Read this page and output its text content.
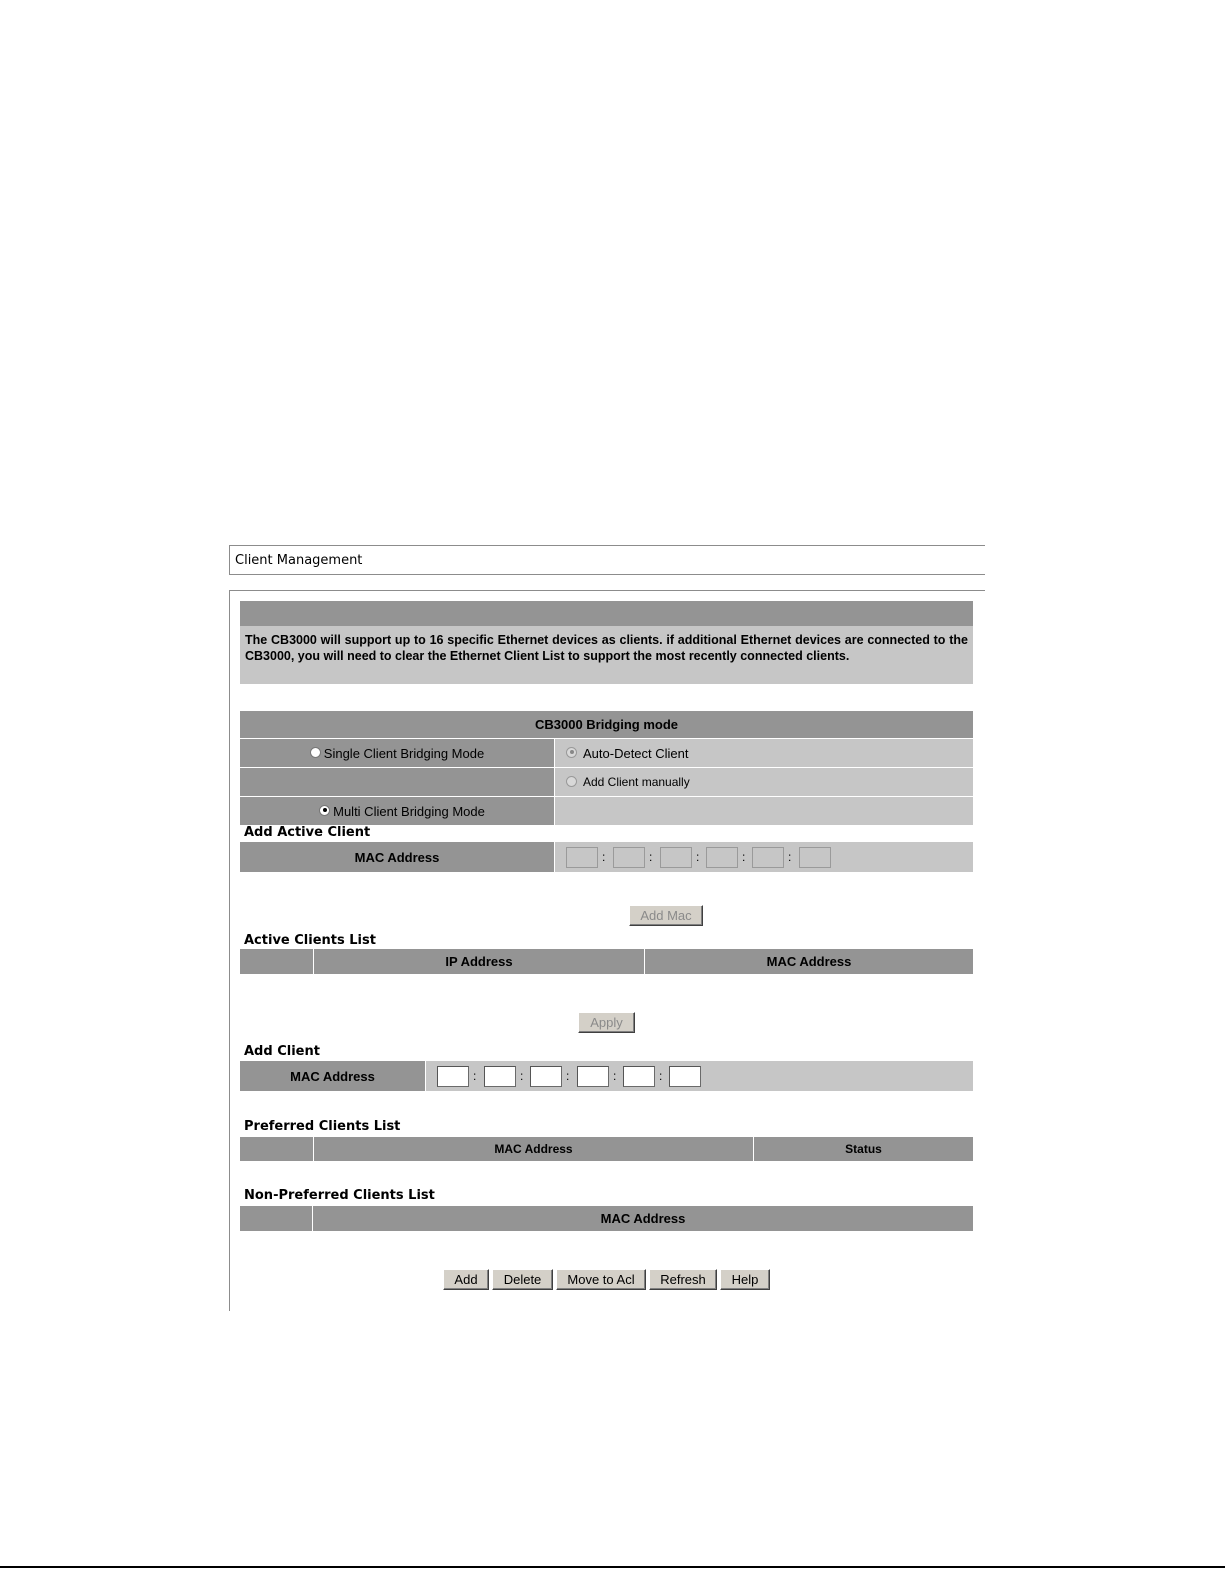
Client Management
The CB3000 will support up to 16 specific Ethernet devices as clients. if additional Ethernet devices are connected to the CB3000, you will need to clear the Ethernet Client List to support the most recently connected clients.
CB3000 Bridging mode
Single Client Bridging Mode	Auto-Detect Client
Add Client manually
Multi Client Bridging Mode
Add Active Client
MAC Address	:	:	:	:	:
Add Mac
Active Clients List
IP Address	MAC Address
Apply
Add Client
MAC Address	:	:	:	:	:
Preferred Clients List
MAC Address	Status
Non-Preferred Clients List
MAC Address
Add	Delete	Move to Acl	Refresh	Help
